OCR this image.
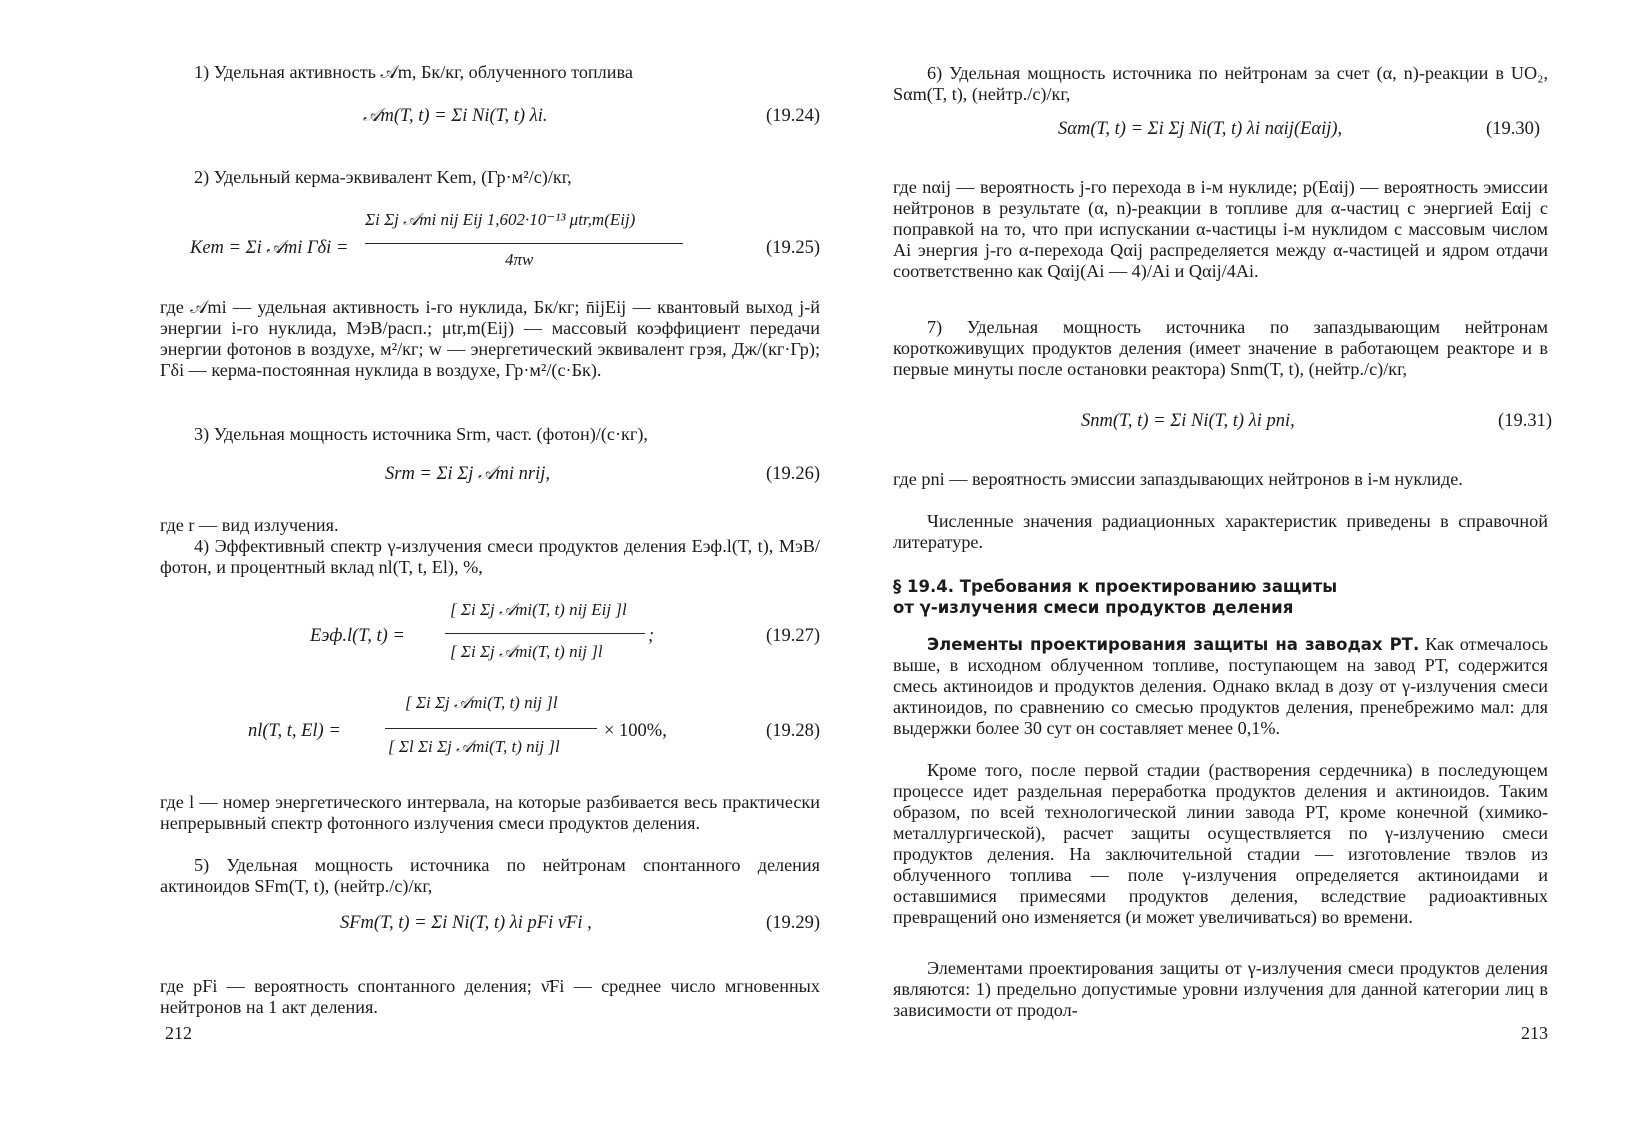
1) Удельная активность 𝒜m, Бк/кг, облученного топлива

𝒜m(T, t) = Σi Ni(T, t) λi.	(19.24)

2) Удельный керма-эквивалент Kem, (Гр·м²/с)/кг,

Kem = Σi 𝒜mi Γδi =
Σi Σj 𝒜mi nij Eij 1,602·10⁻¹³ μtr,m(Eij)
4πw
(19.25)

где 𝒜mi — удельная активность i-го нуклида, Бк/кг; n̄ijEij — квантовый выход j-й энергии i-го нуклида, МэВ/расп.; μtr,m(Eij) — массовый коэффициент передачи энергии фотонов в воздухе, м²/кг; w — энергетический эквивалент грэя, Дж/(кг·Гр); Γδi — керма-постоянная нуклида в воздухе, Гр·м²/(с·Бк).

3) Удельная мощность источника Srm, част. (фотон)/(с·кг),

Srm = Σi Σj 𝒜mi nrij,	(19.26)

где r — вид излучения.

4) Эффективный спектр γ-излучения смеси продуктов деления Eэф.l(T, t), МэВ/фотон, и процентный вклад nl(T, t, El), %,

Eэф.l(T, t) =
[ Σi Σj 𝒜mi(T, t) nij Eij ]l
[ Σi Σj 𝒜mi(T, t) nij ]l
;	(19.27)
nl(T, t, El) =
[ Σi Σj 𝒜mi(T, t) nij ]l
[ Σl Σi Σj 𝒜mi(T, t) nij ]l
× 100%,	(19.28)

где l — номер энергетического интервала, на которые разбивается весь практически непрерывный спектр фотонного излучения смеси продуктов деления.

5) Удельная мощность источника по нейтронам спонтанного деления актиноидов SFm(T, t), (нейтр./с)/кг,

SFm(T, t) = Σi Ni(T, t) λi pFi ν̄Fi ,	(19.29)

где pFi — вероятность спонтанного деления; ν̄Fi — среднее число мгновенных нейтронов на 1 акт деления.

212

6) Удельная мощность источника по нейтронам за счет (α, n)-реакции в UO₂, Sαm(T, t), (нейтр./с)/кг,

Sαm(T, t) = Σi Σj Ni(T, t) λi nαij(Eαij),	(19.30)

где nαij — вероятность j-го перехода в i-м нуклиде; p(Eαij) — вероятность эмиссии нейтронов в результате (α, n)-реакции в топливе для α-частиц с энергией Eαij с поправкой на то, что при испускании α-частицы i-м нуклидом с массовым числом Ai энергия j-го α-перехода Qαij распределяется между α-частицей и ядром отдачи соответственно как Qαij(Ai — 4)/Ai и Qαij/4Ai.

7) Удельная мощность источника по запаздывающим нейтронам короткоживущих продуктов деления (имеет значение в работающем реакторе и в первые минуты после остановки реактора) Snm(T, t), (нейтр./с)/кг,

Snm(T, t) = Σi Ni(T, t) λi pni,	(19.31)

где pni — вероятность эмиссии запаздывающих нейтронов в i-м нуклиде.

Численные значения радиационных характеристик приведены в справочной литературе.

§ 19.4. Требования к проектированию защиты
от γ-излучения смеси продуктов деления

Элементы проектирования защиты на заводах РТ. Как отмечалось выше, в исходном облученном топливе, поступающем на завод РТ, содержится смесь актиноидов и продуктов деления. Однако вклад в дозу от γ-излучения смеси актиноидов, по сравнению со смесью продуктов деления, пренебрежимо мал: для выдержки более 30 сут он составляет менее 0,1%.

Кроме того, после первой стадии (растворения сердечника) в последующем процессе идет раздельная переработка продуктов деления и актиноидов. Таким образом, по всей технологической линии завода РТ, кроме конечной (химико-металлургической), расчет защиты осуществляется по γ-излучению смеси продуктов деления. На заключительной стадии — изготовление твэлов из облученного топлива — поле γ-излучения определяется актиноидами и оставшимися примесями продуктов деления, вследствие радиоактивных превращений оно изменяется (и может увеличиваться) во времени.

Элементами проектирования защиты от γ-излучения смеси продуктов деления являются: 1) предельно допустимые уровни излучения для данной категории лиц в зависимости от продол-

213
